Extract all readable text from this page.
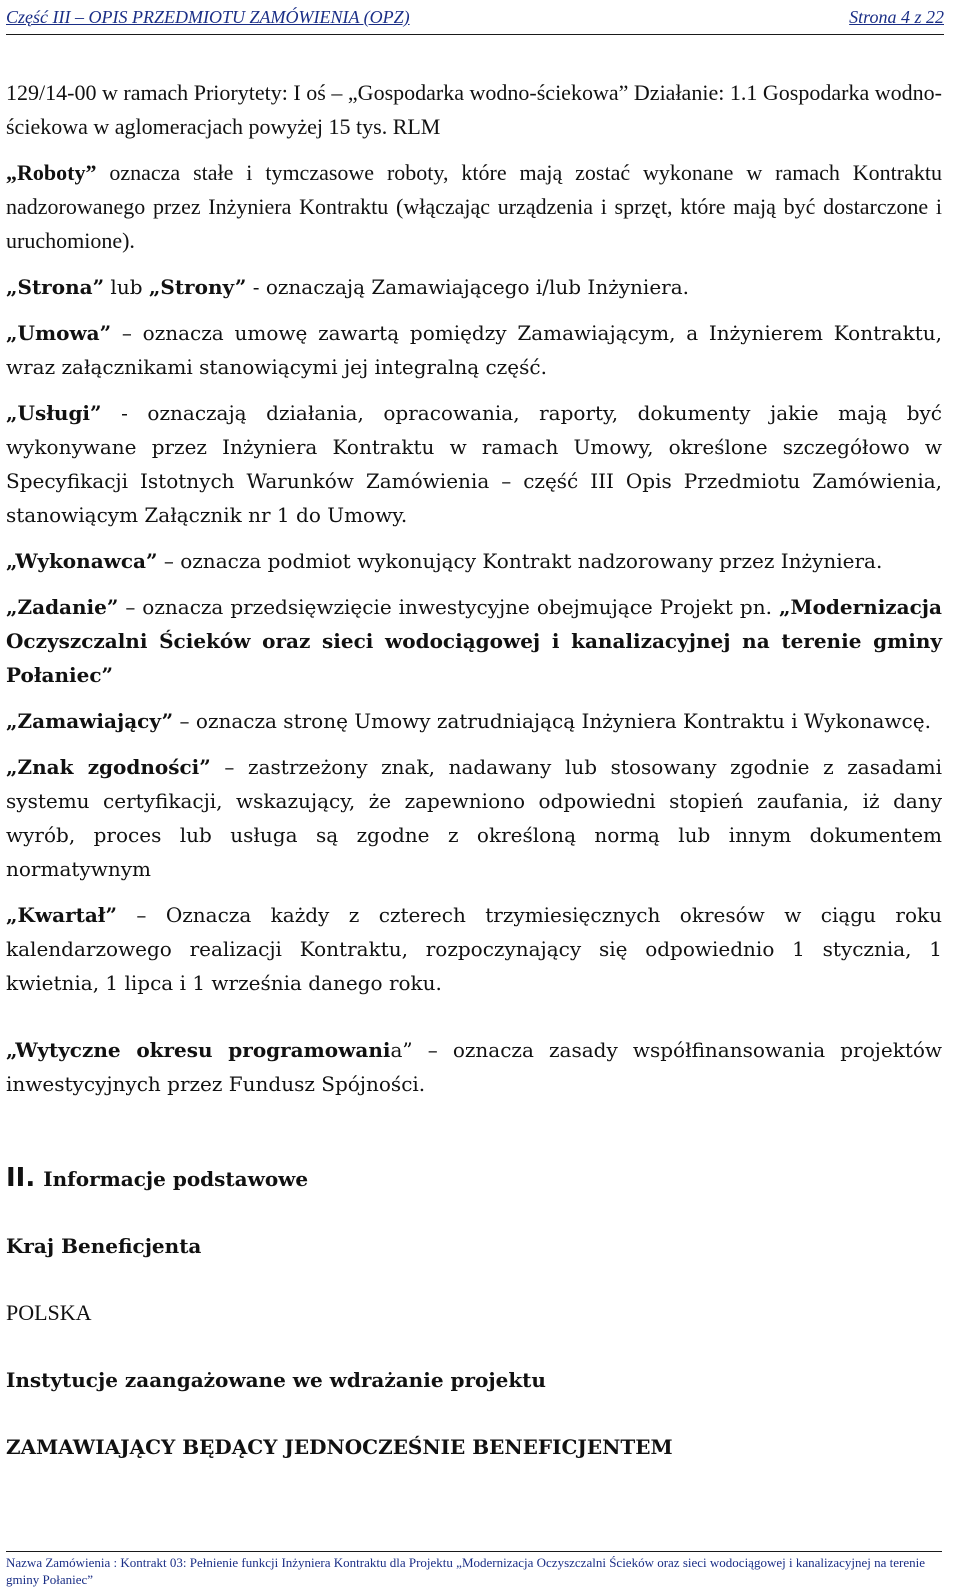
Część III – OPIS PRZEDMIOTU ZAMÓWIENIA (OPZ)	Strona 4 z 22

129/14-00 w ramach Priorytety: I oś – „Gospodarka wodno-ściekowa” Działanie: 1.1 Gospodarka wodno-ściekowa w aglomeracjach powyżej 15 tys. RLM

„Roboty” oznacza stałe i tymczasowe roboty, które mają zostać wykonane w ramach Kontraktu nadzorowanego przez Inżyniera Kontraktu (włączając urządzenia i sprzęt, które mają być dostarczone i uruchomione).

„Strona” lub „Strony” - oznaczają Zamawiającego i/lub Inżyniera.

„Umowa” – oznacza umowę zawartą pomiędzy Zamawiającym, a Inżynierem Kontraktu, wraz załącznikami stanowiącymi jej integralną część.

„Usługi” - oznaczają działania, opracowania, raporty, dokumenty jakie mają być wykonywane przez Inżyniera Kontraktu w ramach Umowy, określone szczegółowo w Specyfikacji Istotnych Warunków Zamówienia – część III Opis Przedmiotu Zamówienia, stanowiącym Załącznik nr 1 do Umowy.

„Wykonawca” – oznacza podmiot wykonujący Kontrakt nadzorowany przez Inżyniera.

„Zadanie” – oznacza przedsięwzięcie inwestycyjne obejmujące Projekt pn. „Modernizacja Oczyszczalni Ścieków oraz sieci wodociągowej i kanalizacyjnej na terenie gminy Połaniec”

„Zamawiający” – oznacza stronę Umowy zatrudniającą Inżyniera Kontraktu i Wykonawcę.

„Znak zgodności” – zastrzeżony znak, nadawany lub stosowany zgodnie z zasadami systemu certyfikacji, wskazujący, że zapewniono odpowiedni stopień zaufania, iż dany wyrób, proces lub usługa są zgodne z określoną normą lub innym dokumentem normatywnym

„Kwartał” – Oznacza każdy z czterech trzymiesięcznych okresów w ciągu roku kalendarzowego realizacji Kontraktu, rozpoczynający się odpowiednio 1 stycznia, 1 kwietnia, 1 lipca i 1 września danego roku.

„Wytyczne okresu programowania” – oznacza zasady współfinansowania projektów inwestycyjnych przez Fundusz Spójności.

II. Informacje podstawowe

Kraj Beneficjenta

POLSKA

Instytucje zaangażowane we wdrażanie projektu

ZAMAWIAJĄCY BĘDĄCY JEDNOCZEŚNIE BENEFICJENTEM

Nazwa Zamówienia : Kontrakt 03: Pełnienie funkcji Inżyniera Kontraktu dla Projektu „Modernizacja Oczyszczalni Ścieków oraz sieci wodociągowej i kanalizacyjnej na terenie gminy Połaniec”
